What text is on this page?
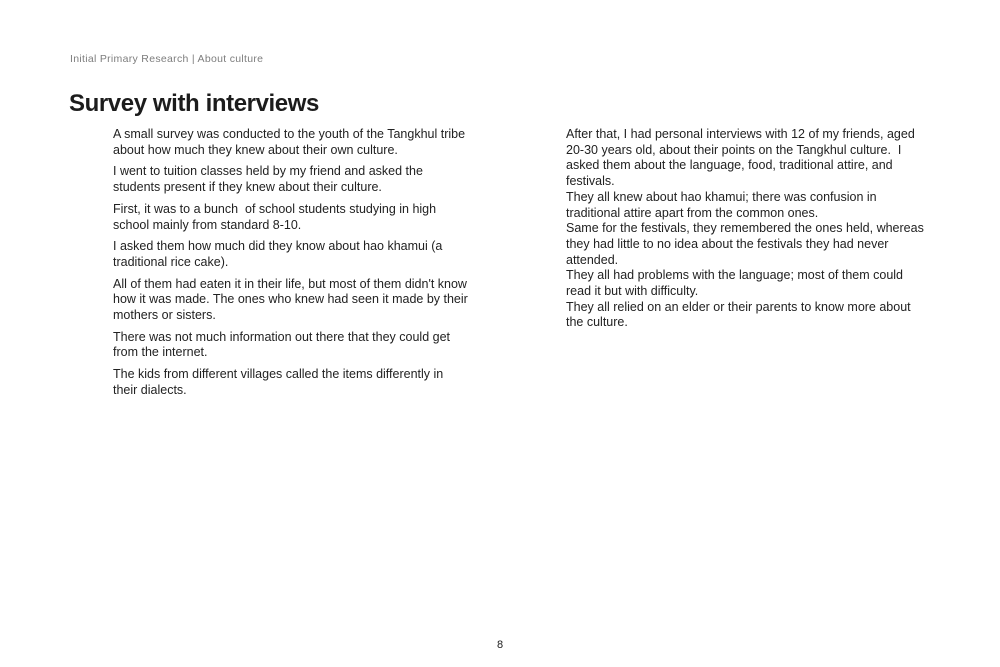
Initial Primary Research | About culture
Survey with interviews

A small survey was conducted to the youth of the Tangkhul tribe about how much they knew about their own culture.

I went to tuition classes held by my friend and asked the students present if they knew about their culture.

First, it was to a bunch  of school students studying in high school mainly from standard 8-10.

I asked them how much did they know about hao khamui (a traditional rice cake).

All of them had eaten it in their life, but most of them didn't know how it was made. The ones who knew had seen it made by their mothers or sisters.

There was not much information out there that they could get from the internet.

The kids from different villages called the items differently in their dialects.

After that, I had personal interviews with 12 of my friends, aged 20-30 years old, about their points on the Tangkhul culture.  I asked them about the language, food, traditional attire, and festivals.

They all knew about hao khamui; there was confusion in traditional attire apart from the common ones.

Same for the festivals, they remembered the ones held, whereas they had little to no idea about the festivals they had never attended.

They all had problems with the language; most of them could read it but with difficulty.

They all relied on an elder or their parents to know more about the culture.

8
